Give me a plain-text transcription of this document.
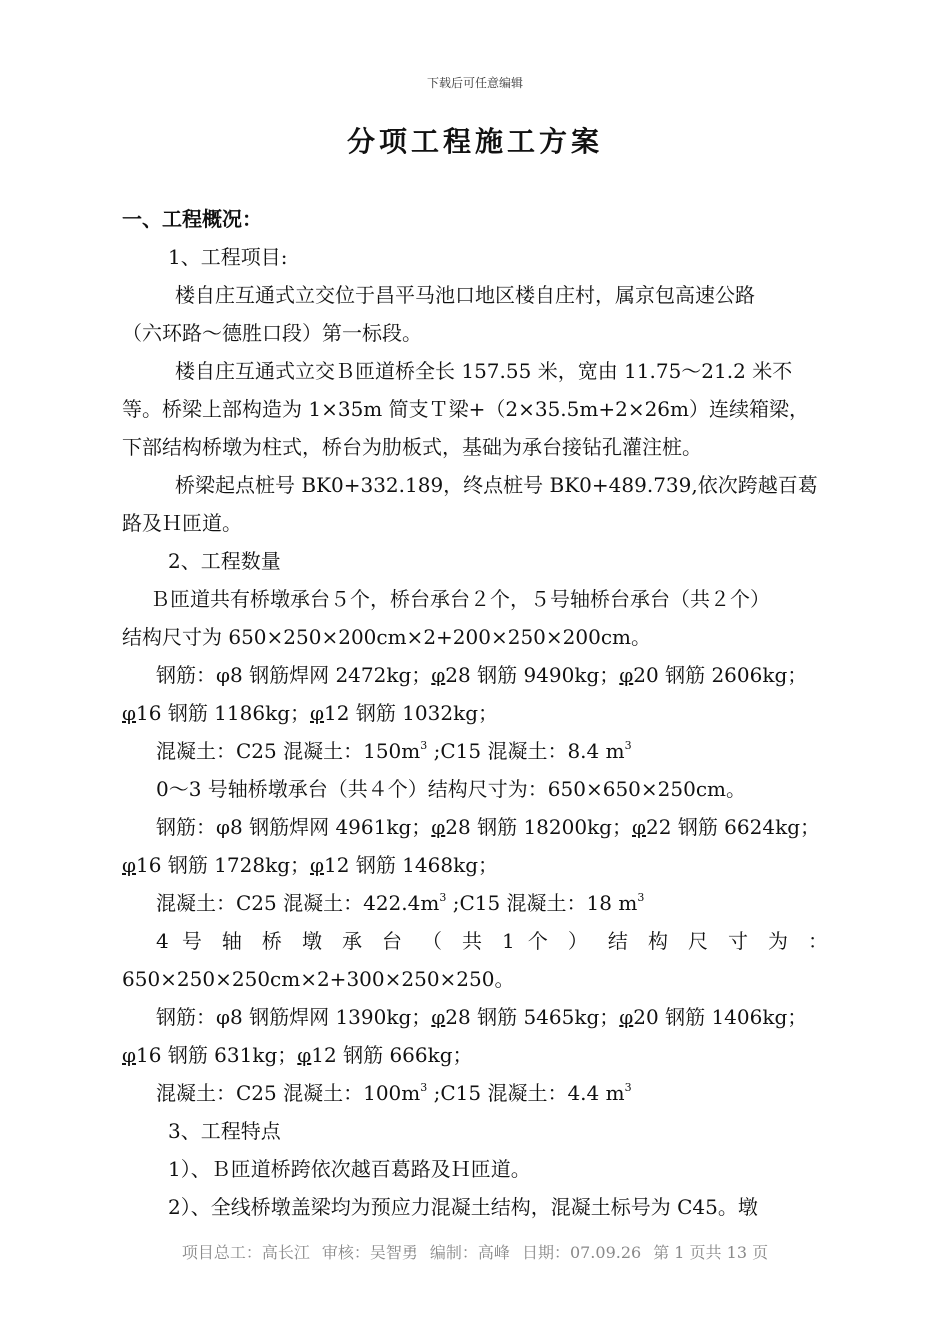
下载后可任意编辑
分项工程施工方案
一、工程概况：
1、工程项目:
楼自庄互通式立交位于昌平马池口地区楼自庄村，属京包高速公路
（六环路～德胜口段）第一标段。
楼自庄互通式立交Ｂ匝道桥全长 157.55 米，宽由 11.75～21.2 米不
等。桥梁上部构造为 1×35m 简支Ｔ梁+（2×35.5m+2×26m）连续箱梁，
下部结构桥墩为柱式，桥台为肋板式，基础为承台接钻孔灌注桩。
桥梁起点桩号 BK0+332.189，终点桩号 BK0+489.739,依次跨越百葛
路及Ｈ匝道。
2、工程数量
Ｂ匝道共有桥墩承台５个，桥台承台２个，５号轴桥台承台（共２个）
结构尺寸为 650×250×200cm×2+200×250×200cm。
钢筋：φ8 钢筋焊网 2472kg；φ28 钢筋 9490kg；φ20 钢筋 2606kg；
φ16 钢筋 1186kg；φ12 钢筋 1032kg；
混凝土：C25 混凝土：$150m^3$ ;C15 混凝土：8.4 $m^3$
0～3 号轴桥墩承台（共４个）结构尺寸为：650×650×250cm。
钢筋：φ8 钢筋焊网 4961kg；φ28 钢筋 18200kg；φ22 钢筋 6624kg；
φ16 钢筋 1728kg；φ12 钢筋 1468kg；
混凝土：C25 混凝土：$422.4m^3$ ;C15 混凝土：18 $m^3$
4 号 轴 桥 墩 承 台 （ 共 1 个 ） 结 构 尺 寸 为 ：
650×250×250cm×2+300×250×250。
钢筋：φ8 钢筋焊网 1390kg；φ28 钢筋 5465kg；φ20 钢筋 1406kg；
φ16 钢筋 631kg；φ12 钢筋 666kg；
混凝土：C25 混凝土：$100m^3$ ;C15 混凝土：4.4 $m^3$
3、工程特点
1）、Ｂ匝道桥跨依次越百葛路及Ｈ匝道。
2）、全线桥墩盖梁均为预应力混凝土结构，混凝土标号为 C45。墩
项目总工：高长江 审核：吴智勇 编制：高峰 日期：07.09.26 第 1 页共 13 页
